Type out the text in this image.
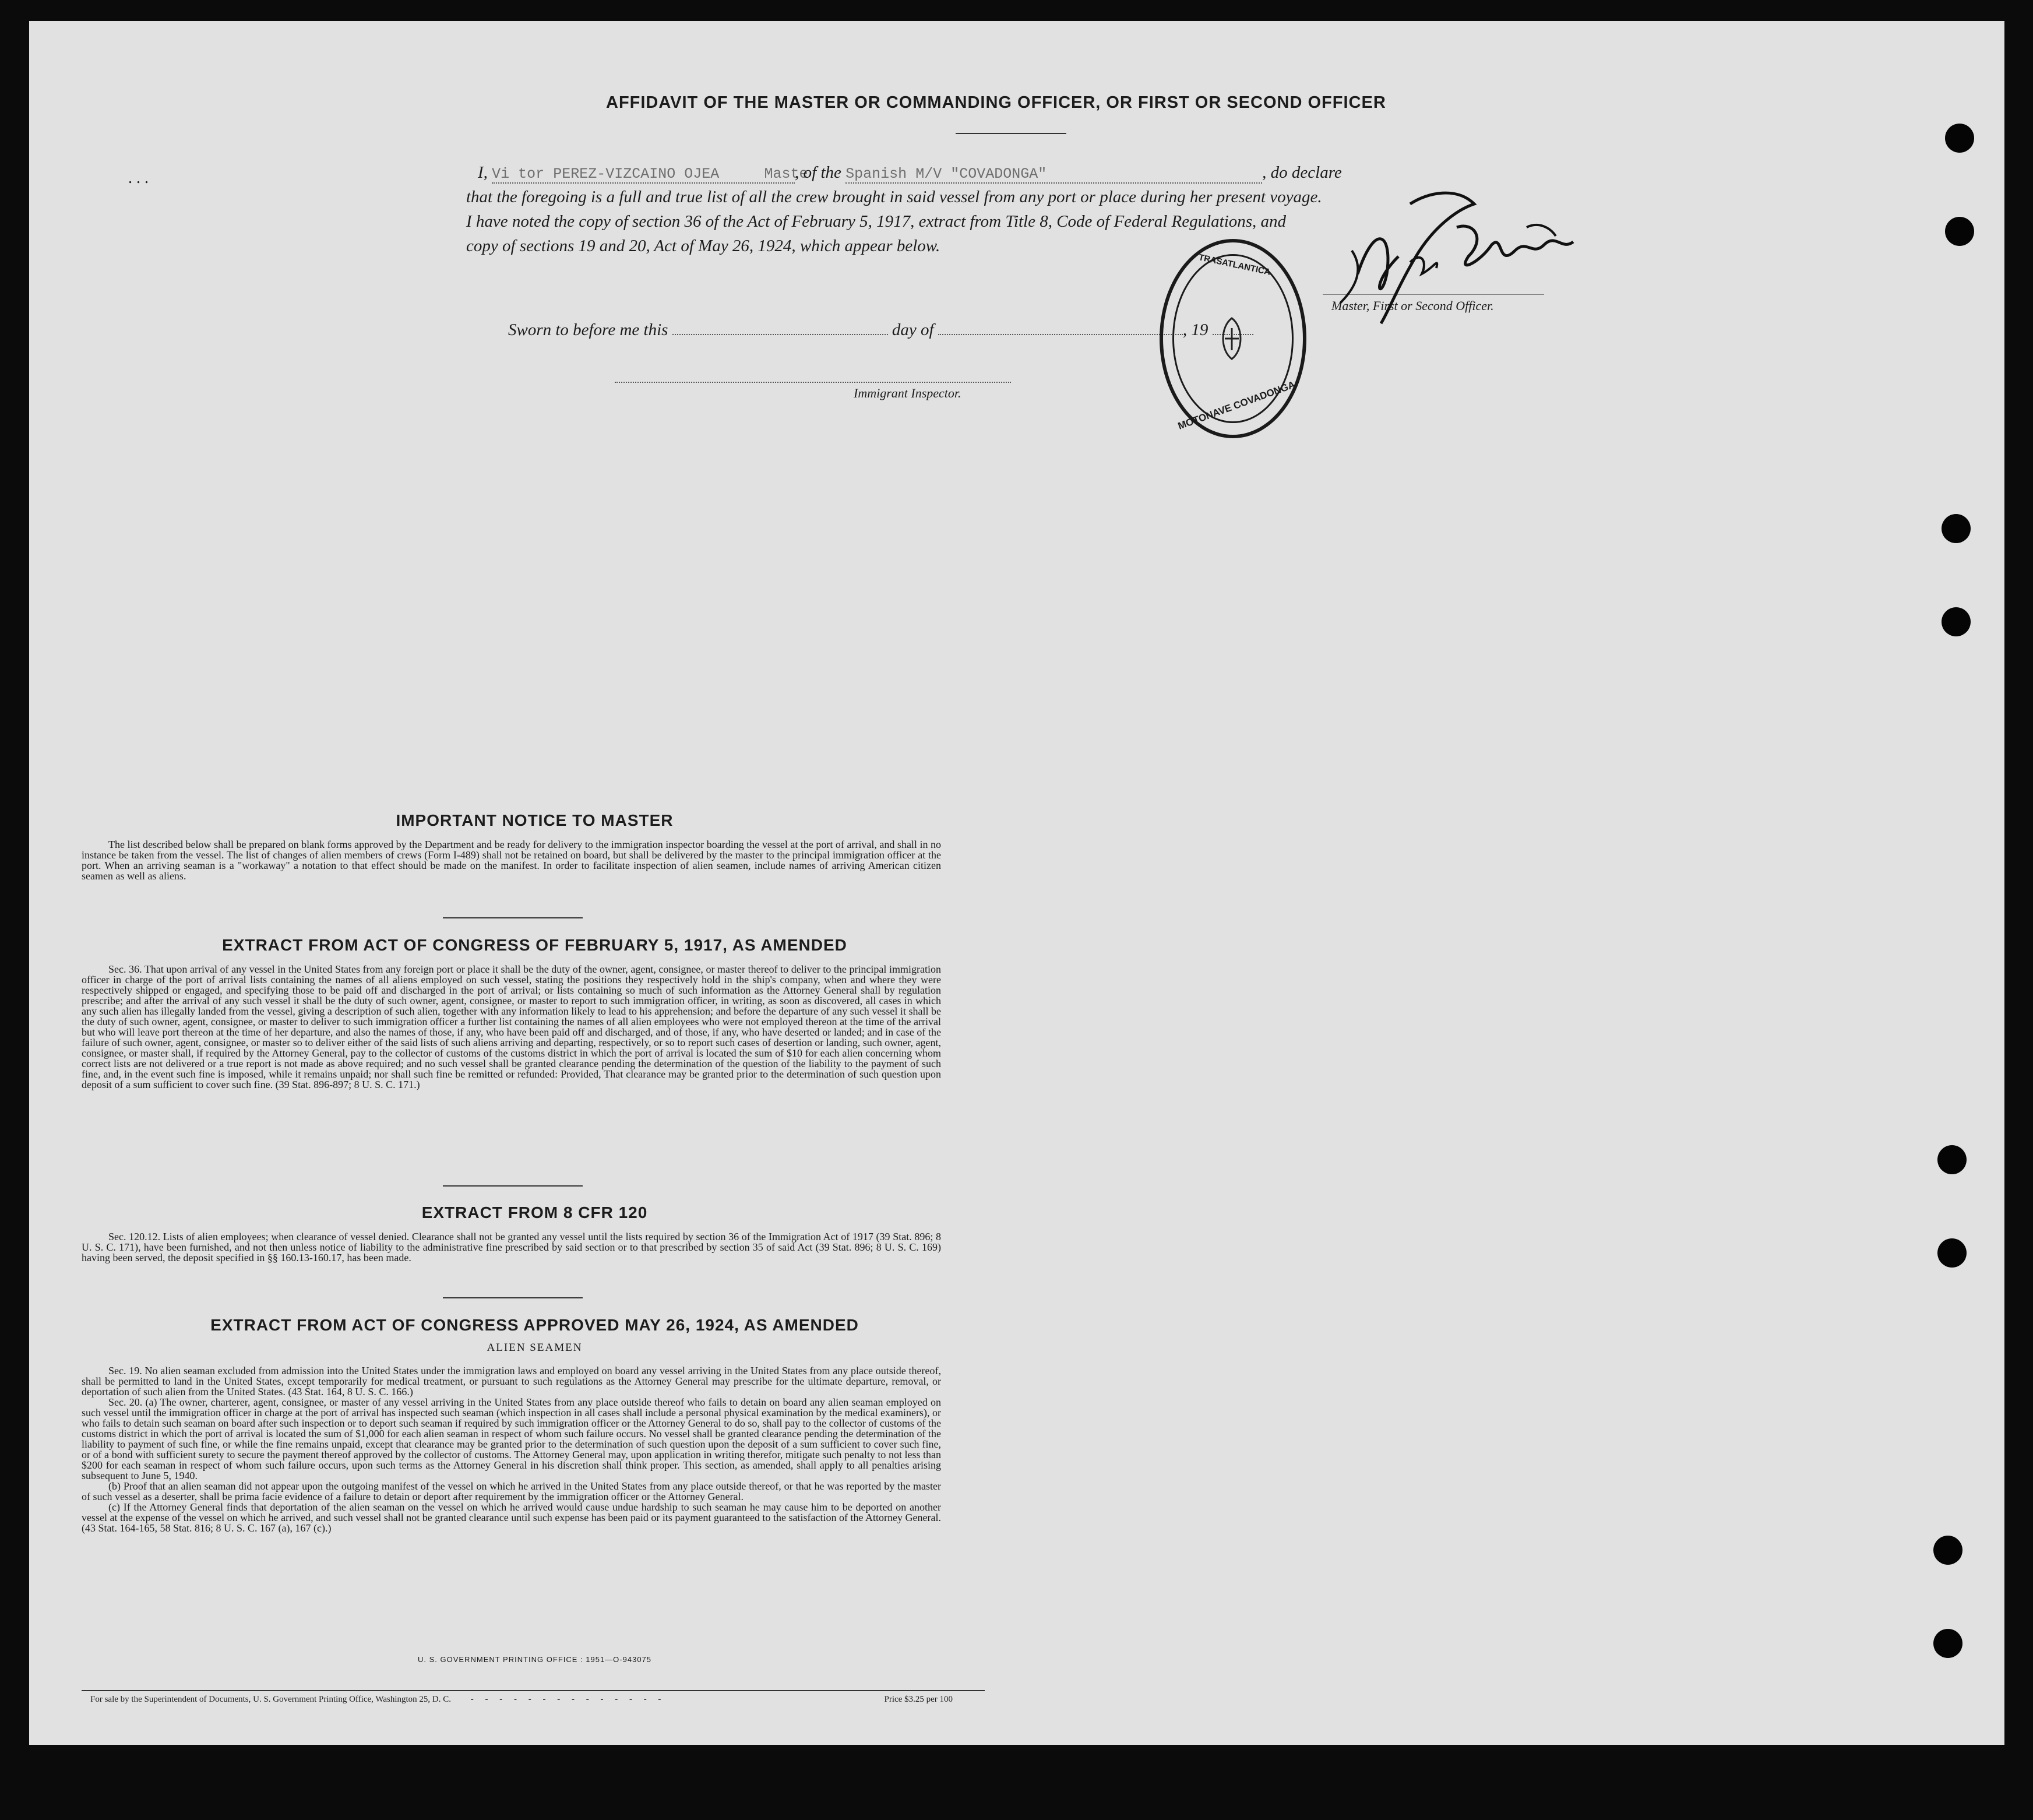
. . .
AFFIDAVIT OF THE MASTER OR COMMANDING OFFICER, OR FIRST OR SECOND OFFICER
I, Vi tor PEREZ-VIZCAINO OJEA	Maste, of the Spanish M/V "COVADONGA"	, do declare
that the foregoing is a full and true list of all the crew brought in said vessel from any port or place during her present voyage.
I have noted the copy of section 36 of the Act of February 5, 1917, extract from Title 8, Code of Federal Regulations, and
copy of sections 19 and 20, Act of May 26, 1924, which appear below.
Master, First or Second Officer.
Sworn to before me this	day of	, 19
Immigrant Inspector.
TRASATLANTICA
MOTONAVE COVADONGA
IMPORTANT NOTICE TO MASTER

The list described below shall be prepared on blank forms approved by the Department and be ready for delivery to the immigration inspector boarding the vessel at the port of arrival, and shall in no instance be taken from the vessel. The list of changes of alien members of crews (Form I-489) shall not be retained on board, but shall be delivered by the master to the principal immigration officer at the port. When an arriving seaman is a "workaway" a notation to that effect should be made on the manifest. In order to facilitate inspection of alien seamen, include names of arriving American citizen seamen as well as aliens.

EXTRACT FROM ACT OF CONGRESS OF FEBRUARY 5, 1917, AS AMENDED

Sec. 36. That upon arrival of any vessel in the United States from any foreign port or place it shall be the duty of the owner, agent, consignee, or master thereof to deliver to the principal immigration officer in charge of the port of arrival lists containing the names of all aliens employed on such vessel, stating the positions they respectively hold in the ship's company, when and where they were respectively shipped or engaged, and specifying those to be paid off and discharged in the port of arrival; or lists containing so much of such information as the Attorney General shall by regulation prescribe; and after the arrival of any such vessel it shall be the duty of such owner, agent, consignee, or master to report to such immigration officer, in writing, as soon as discovered, all cases in which any such alien has illegally landed from the vessel, giving a description of such alien, together with any information likely to lead to his apprehension; and before the departure of any such vessel it shall be the duty of such owner, agent, consignee, or master to deliver to such immigration officer a further list containing the names of all alien employees who were not employed thereon at the time of the arrival but who will leave port thereon at the time of her departure, and also the names of those, if any, who have been paid off and discharged, and of those, if any, who have deserted or landed; and in case of the failure of such owner, agent, consignee, or master so to deliver either of the said lists of such aliens arriving and departing, respectively, or so to report such cases of desertion or landing, such owner, agent, consignee, or master shall, if required by the Attorney General, pay to the collector of customs of the customs district in which the port of arrival is located the sum of $10 for each alien concerning whom correct lists are not delivered or a true report is not made as above required; and no such vessel shall be granted clearance pending the determination of the question of the liability to the payment of such fine, and, in the event such fine is imposed, while it remains unpaid; nor shall such fine be remitted or refunded: Provided, That clearance may be granted prior to the determination of such question upon deposit of a sum sufficient to cover such fine. (39 Stat. 896-897; 8 U. S. C. 171.)

EXTRACT FROM 8 CFR 120

Sec. 120.12. Lists of alien employees; when clearance of vessel denied. Clearance shall not be granted any vessel until the lists required by section 36 of the Immigration Act of 1917 (39 Stat. 896; 8 U. S. C. 171), have been furnished, and not then unless notice of liability to the administrative fine prescribed by said section or to that prescribed by section 35 of said Act (39 Stat. 896; 8 U. S. C. 169) having been served, the deposit specified in §§ 160.13-160.17, has been made.

EXTRACT FROM ACT OF CONGRESS APPROVED MAY 26, 1924, AS AMENDED
ALIEN SEAMEN

Sec. 19. No alien seaman excluded from admission into the United States under the immigration laws and employed on board any vessel arriving in the United States from any place outside thereof, shall be permitted to land in the United States, except temporarily for medical treatment, or pursuant to such regulations as the Attorney General may prescribe for the ultimate departure, removal, or deportation of such alien from the United States. (43 Stat. 164, 8 U. S. C. 166.)

Sec. 20. (a) The owner, charterer, agent, consignee, or master of any vessel arriving in the United States from any place outside thereof who fails to detain on board any alien seaman employed on such vessel until the immigration officer in charge at the port of arrival has inspected such seaman (which inspection in all cases shall include a personal physical examination by the medical examiners), or who fails to detain such seaman on board after such inspection or to deport such seaman if required by such immigration officer or the Attorney General to do so, shall pay to the collector of customs of the customs district in which the port of arrival is located the sum of $1,000 for each alien seaman in respect of whom such failure occurs. No vessel shall be granted clearance pending the determination of the liability to payment of such fine, or while the fine remains unpaid, except that clearance may be granted prior to the determination of such question upon the deposit of a sum sufficient to cover such fine, or of a bond with sufficient surety to secure the payment thereof approved by the collector of customs. The Attorney General may, upon application in writing therefor, mitigate such penalty to not less than $200 for each seaman in respect of whom such failure occurs, upon such terms as the Attorney General in his discretion shall think proper. This section, as amended, shall apply to all penalties arising subsequent to June 5, 1940.

(b) Proof that an alien seaman did not appear upon the outgoing manifest of the vessel on which he arrived in the United States from any place outside thereof, or that he was reported by the master of such vessel as a deserter, shall be prima facie evidence of a failure to detain or deport after requirement by the immigration officer or the Attorney General.

(c) If the Attorney General finds that deportation of the alien seaman on the vessel on which he arrived would cause undue hardship to such seaman he may cause him to be deported on another vessel at the expense of the vessel on which he arrived, and such vessel shall not be granted clearance until such expense has been paid or its payment guaranteed to the satisfaction of the Attorney General. (43 Stat. 164-165, 58 Stat. 816; 8 U. S. C. 167 (a), 167 (c).)

U. S. GOVERNMENT PRINTING OFFICE : 1951—O-943075
For sale by the Superintendent of Documents, U. S. Government Printing Office, Washington 25, D. C. - - - - - - - - - - - - - -	Price $3.25 per 100
